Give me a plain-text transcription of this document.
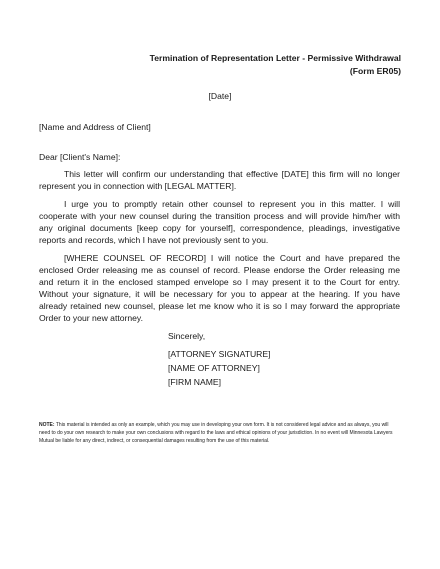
Termination of Representation Letter - Permissive Withdrawal
(Form ER05)
[Date]
[Name and Address of Client]
Dear [Client's Name]:

This letter will confirm our understanding that effective [DATE] this firm will no longer represent you in connection with [LEGAL MATTER].

I urge you to promptly retain other counsel to represent you in this matter. I will cooperate with your new counsel during the transition process and will provide him/her with any original documents [keep copy for yourself], correspondence, pleadings, investigative reports and records, which I have not previously sent to you.

[WHERE COUNSEL OF RECORD] I will notice the Court and have prepared the enclosed Order releasing me as counsel of record. Please endorse the Order releasing me and return it in the enclosed stamped envelope so I may present it to the Court for entry. Without your signature, it will be necessary for you to appear at the hearing. If you have already retained new counsel, please let me know who it is so I may forward the appropriate Order to your new attorney.

Sincerely,
[ATTORNEY SIGNATURE]
[NAME OF ATTORNEY]
[FIRM NAME]
NOTE: This material is intended as only an example, which you may use in developing your own form. It is not considered legal advice and as always, you will need to do your own research to make your own conclusions with regard to the laws and ethical opinions of your jurisdiction. In no event will Minnesota Lawyers Mutual be liable for any direct, indirect, or consequential damages resulting from the use of this material.
